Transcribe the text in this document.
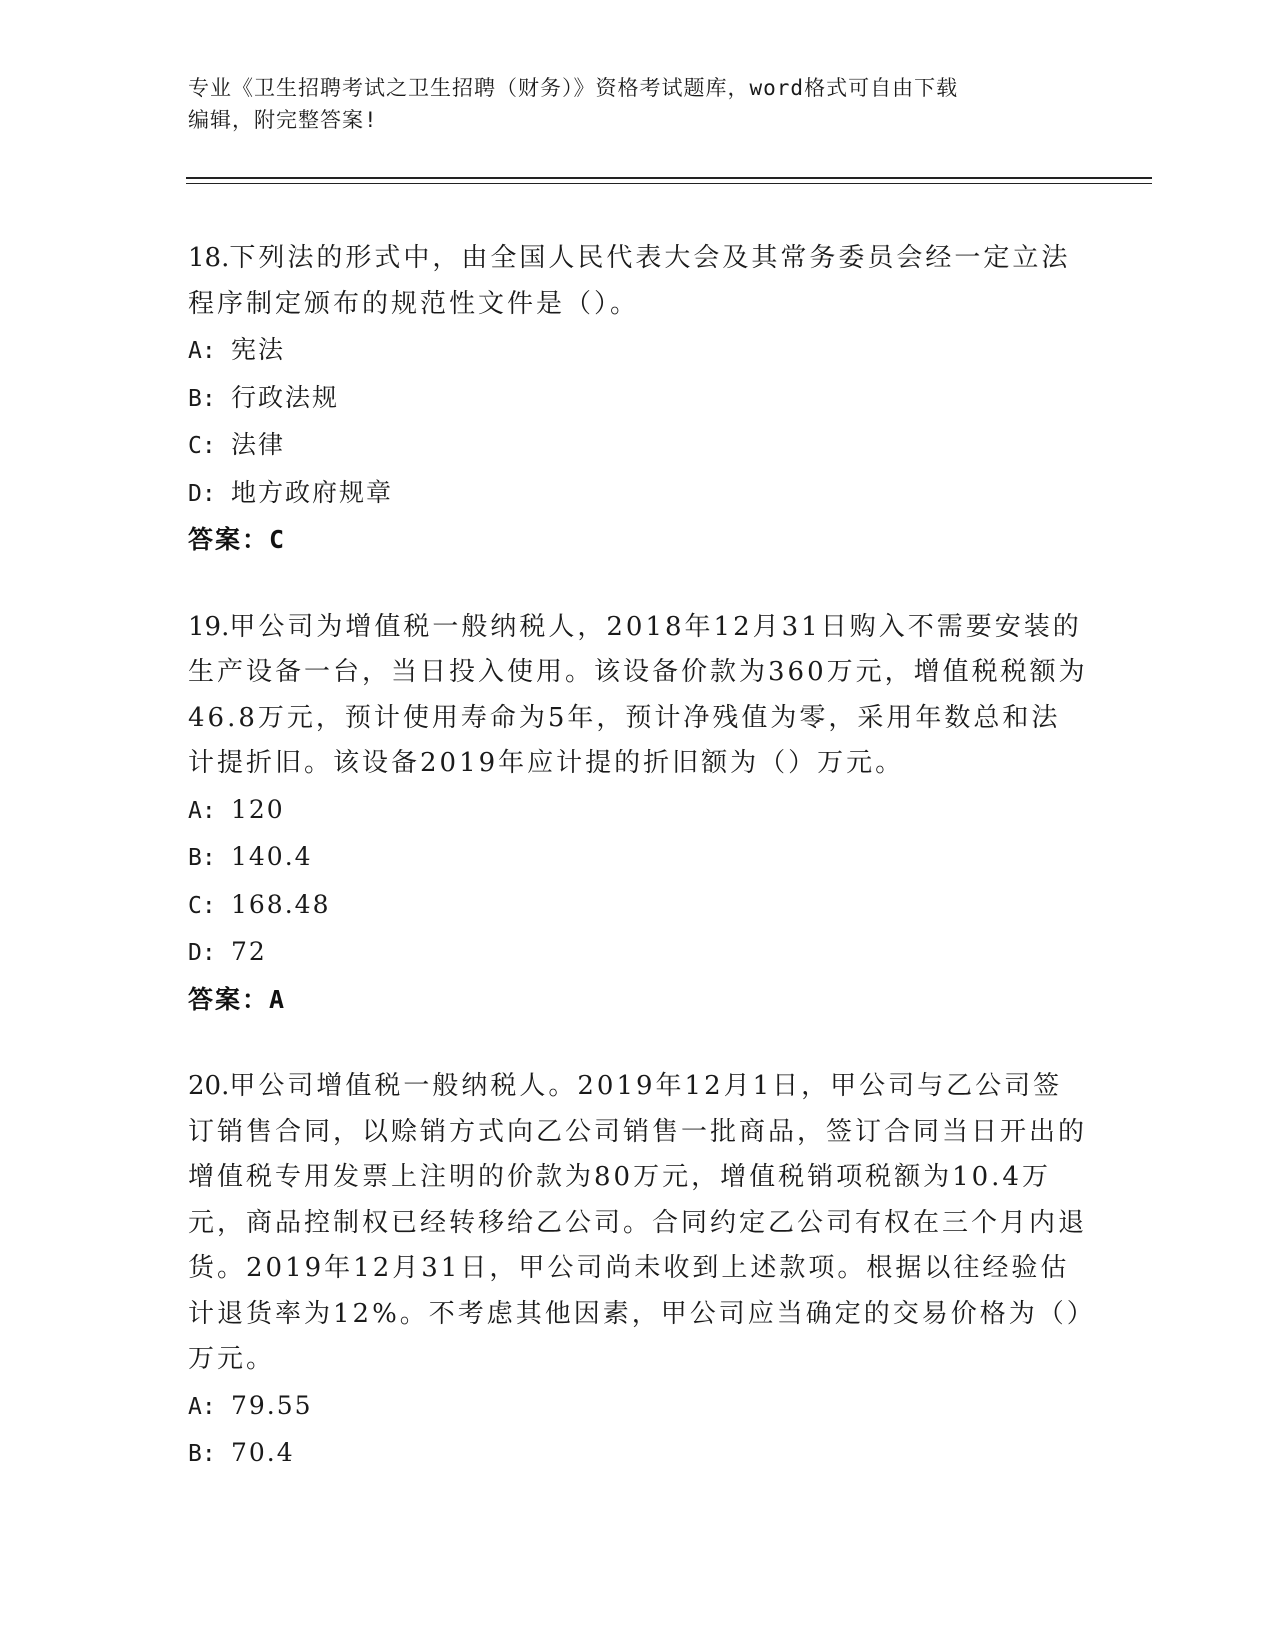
专业《卫生招聘考试之卫生招聘（财务）》资格考试题库，word格式可自由下载
编辑，附完整答案!

18.下列法的形式中，由全国人民代表大会及其常务委员会经一定立法程序制定颁布的规范性文件是（）。

A: 宪法

B: 行政法规

C: 法律

D: 地方政府规章

答案：C

19.甲公司为增值税一般纳税人，2018年12月31日购入不需要安装的生产设备一台，当日投入使用。该设备价款为360万元，增值税税额为46.8万元，预计使用寿命为5年，预计净残值为零，采用年数总和法计提折旧。该设备2019年应计提的折旧额为（）万元。

A: 120

B: 140.4

C: 168.48

D: 72

答案：A

20.甲公司增值税一般纳税人。2019年12月1日，甲公司与乙公司签订销售合同，以赊销方式向乙公司销售一批商品，签订合同当日开出的增值税专用发票上注明的价款为80万元，增值税销项税额为10.4万元，商品控制权已经转移给乙公司。合同约定乙公司有权在三个月内退货。2019年12月31日，甲公司尚未收到上述款项。根据以往经验估计退货率为12%。不考虑其他因素，甲公司应当确定的交易价格为（）万元。

A: 79.55

B: 70.4
